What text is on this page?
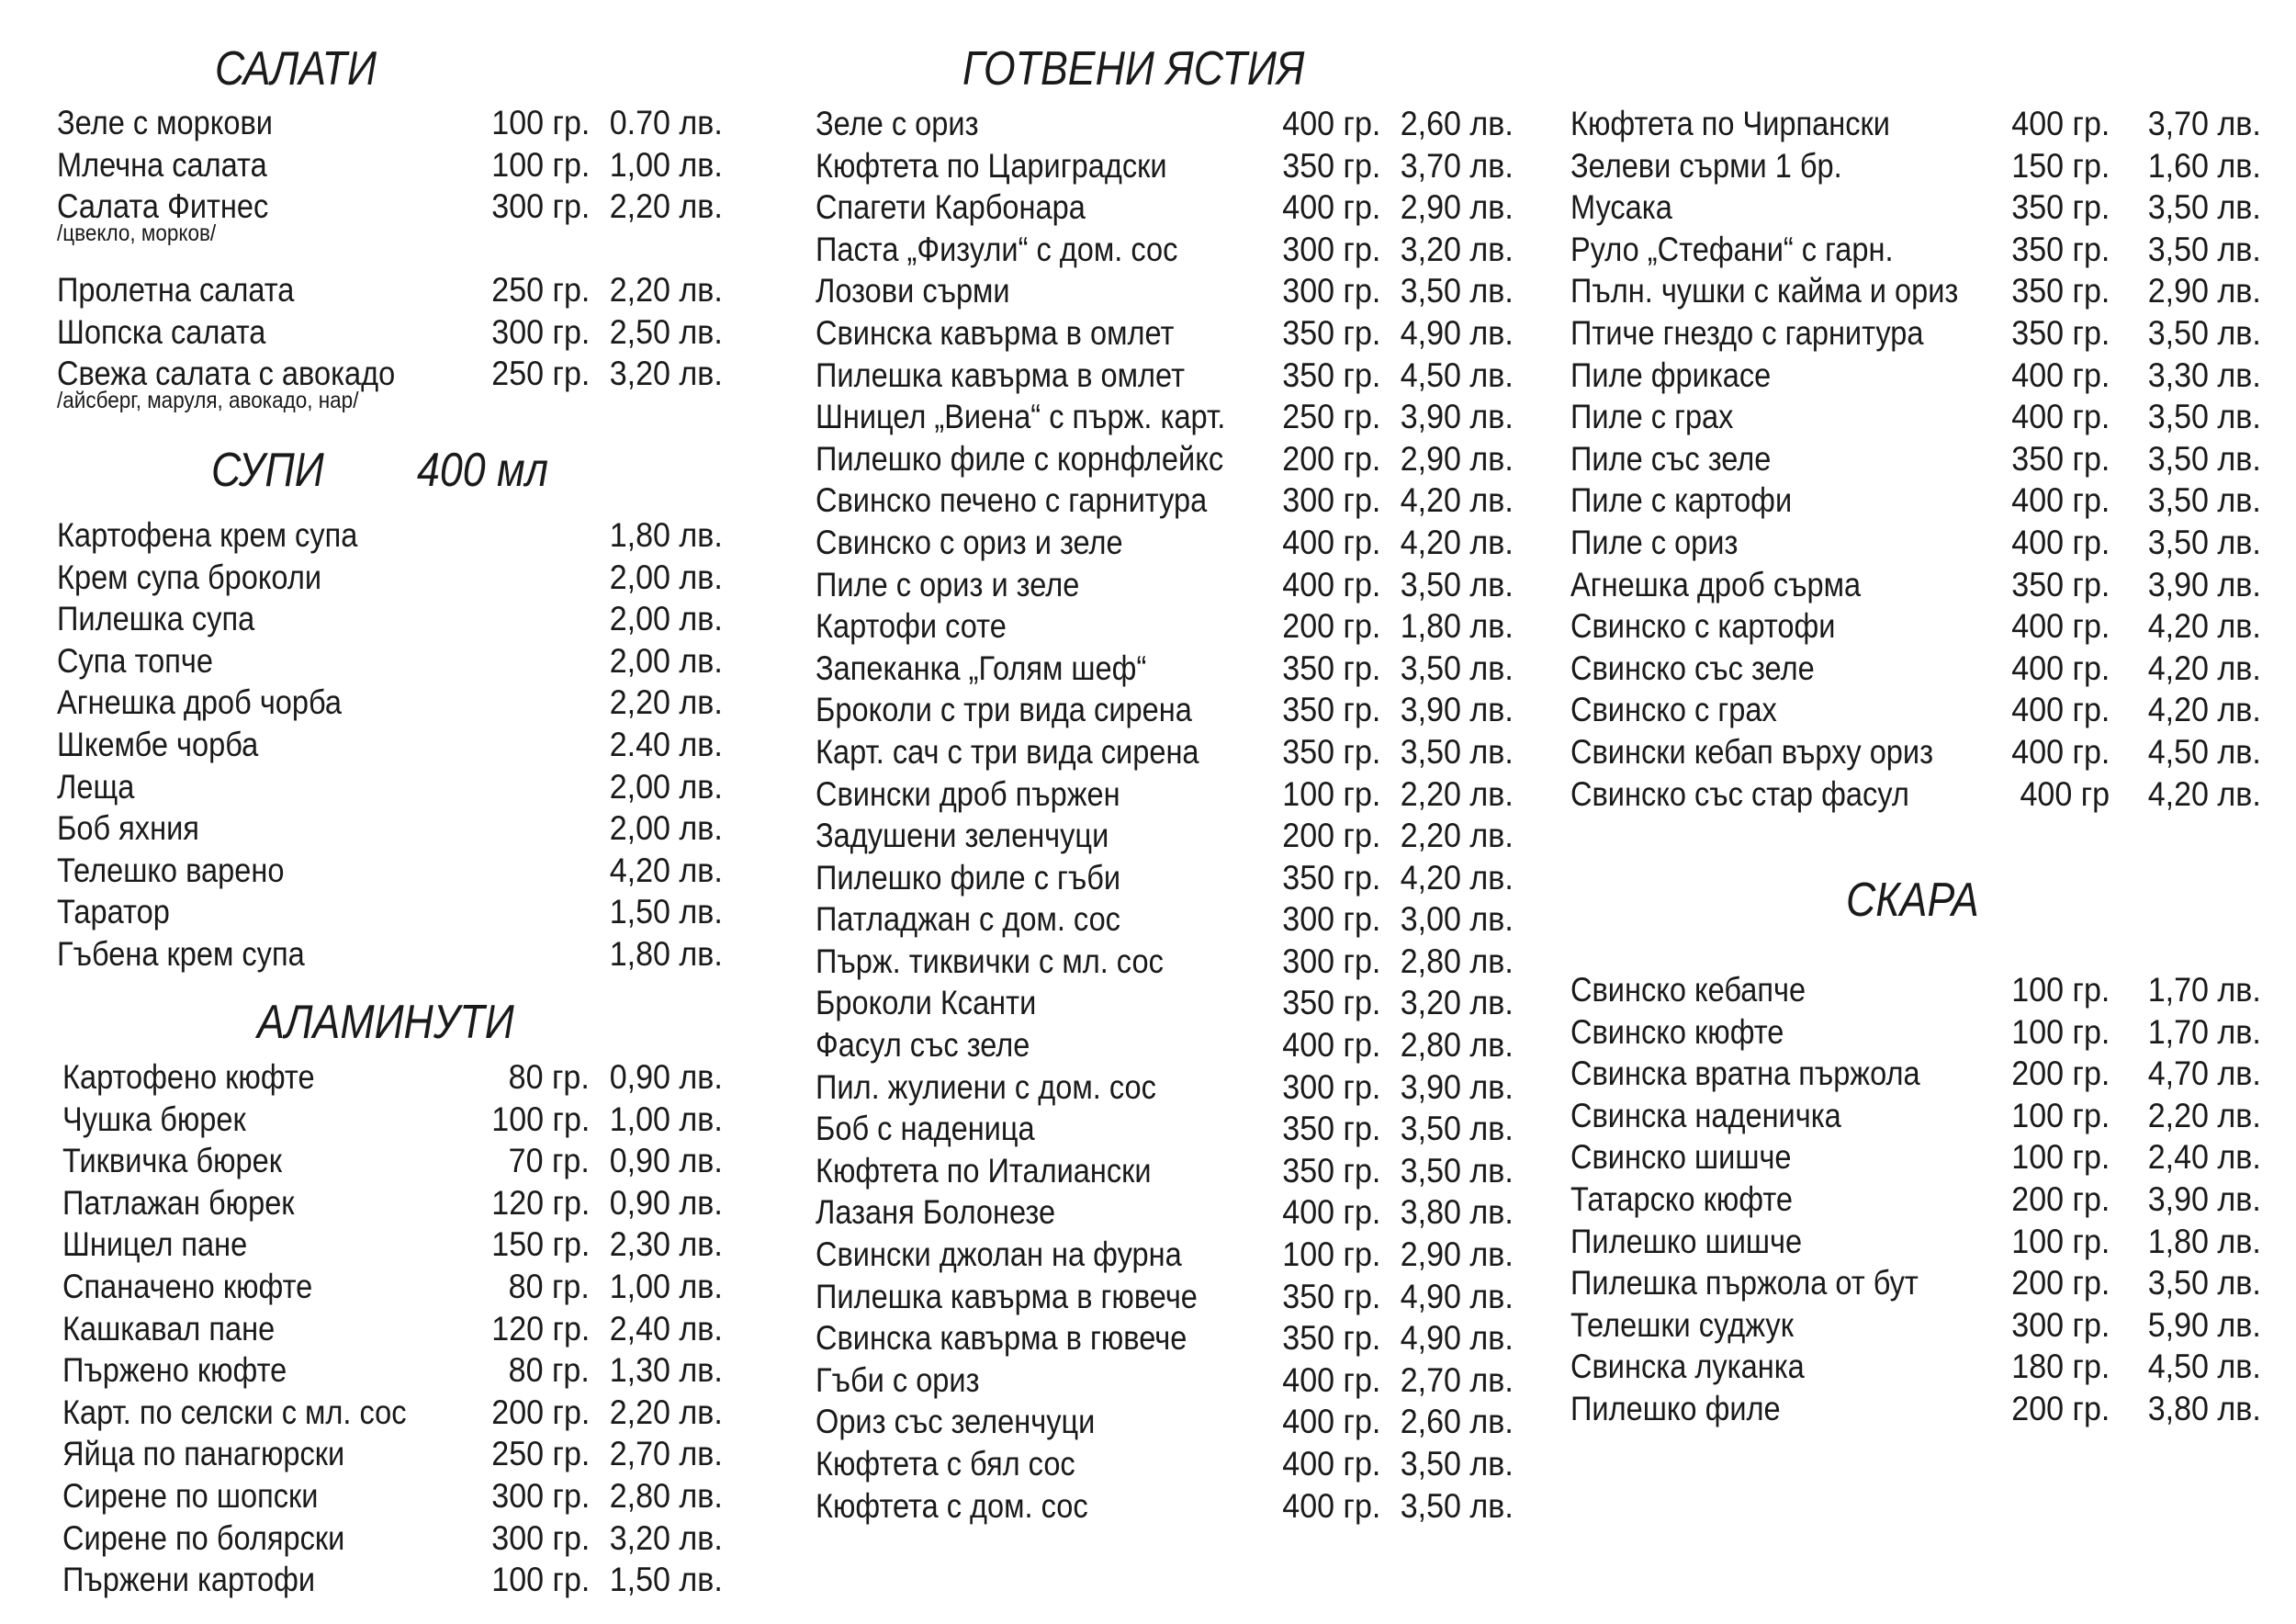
САЛАТИ
Зеле с моркови	100 гр. 0.70 лв.
Млечна салата	100 гр. 1,00 лв.
Салата Фитнес	300 гр. 2,20 лв.
/цвекло, морков/
Пролетна салата	250 гр. 2,20 лв.
Шопска салата	300 гр. 2,50 лв.
Свежа салата с авокадо	250 гр. 3,20 лв.
/айсберг, маруля, авокадо, нар/
СУПИ 400 мл
Картофена крем супа	1,80 лв.
Крем супа броколи	2,00 лв.
Пилешка супа	2,00 лв.
Супа топче	2,00 лв.
Агнешка дроб чорба	2,20 лв.
Шкембе чорба	2.40 лв.
Леща	2,00 лв.
Боб яхния	2,00 лв.
Телешко варено	4,20 лв.
Таратор	1,50 лв.
Гъбена крем супа	1,80 лв.
АЛАМИНУТИ
Картофено кюфте	80 гр. 0,90 лв.
Чушка бюрек	100 гр. 1,00 лв.
Тиквичка бюрек	70 гр. 0,90 лв.
Патлажан бюрек	120 гр. 0,90 лв.
Шницел пане	150 гр. 2,30 лв.
Спаначено кюфте	80 гр. 1,00 лв.
Кашкавал пане	120 гр. 2,40 лв.
Пържено кюфте	80 гр. 1,30 лв.
Карт. по селски с мл. сос 200 гр. 2,20 лв.
Яйца по панагюрски	250 гр. 2,70 лв.
Сирене по шопски	300 гр. 2,80 лв.
Сирене по болярски	300 гр. 3,20 лв.
Пържени картофи	100 гр. 1,50 лв.
ГОТВЕНИ ЯСТИЯ
Зеле с ориз	400 гр. 2,60 лв.
Кюфтета по Цариградски	350 гр. 3,70 лв.
Спагети Карбонара	400 гр. 2,90 лв.
Паста „Физули“ с дом. сос	300 гр. 3,20 лв.
Лозови сърми	300 гр. 3,50 лв.
Свинска кавърма в омлет	350 гр. 4,90 лв.
Пилешка кавърма в омлет	350 гр. 4,50 лв.
Шницел „Виена“ с пърж. карт. 250 гр. 3,90 лв.
Пилешко филе с корнфлейкс 200 гр. 2,90 лв.
Свинско печено с гарнитура 300 гр. 4,20 лв.
Свинско с ориз и зеле	400 гр. 4,20 лв.
Пиле с ориз и зеле	400 гр. 3,50 лв.
Картофи соте	200 гр. 1,80 лв.
Запеканка „Голям шеф“	350 гр. 3,50 лв.
Броколи с три вида сирена	350 гр. 3,90 лв.
Карт. сач с три вида сирена 350 гр. 3,50 лв.
Свински дроб пържен	100 гр. 2,20 лв.
Задушени зеленчуци	200 гр. 2,20 лв.
Пилешко филе с гъби	350 гр. 4,20 лв.
Патладжан с дом. сос	300 гр. 3,00 лв.
Пърж. тиквички с мл. сос	300 гр. 2,80 лв.
Броколи Ксанти	350 гр. 3,20 лв.
Фасул със зеле	400 гр. 2,80 лв.
Пил. жулиени с дом. сос	300 гр. 3,90 лв.
Боб с наденица	350 гр. 3,50 лв.
Кюфтета по Италиански	350 гр. 3,50 лв.
Лазаня Болонезе	400 гр. 3,80 лв.
Свински джолан на фурна	100 гр. 2,90 лв.
Пилешка кавърма в гювече 350 гр. 4,90 лв.
Свинска кавърма в гювече	350 гр. 4,90 лв.
Гъби с ориз	400 гр. 2,70 лв.
Ориз със зеленчуци	400 гр. 2,60 лв.
Кюфтета с бял сос	400 гр. 3,50 лв.
Кюфтета с дом. сос	400 гр. 3,50 лв.
Кюфтета по Чирпански	400 гр. 3,70 лв.
Зелеви сърми 1 бр.	150 гр. 1,60 лв.
Мусака	350 гр. 3,50 лв.
Руло „Стефани“ с гарн.	350 гр. 3,50 лв.
Пълн. чушки с кайма и ориз 350 гр. 2,90 лв.
Птиче гнездо с гарнитура	350 гр. 3,50 лв.
Пиле фрикасе	400 гр. 3,30 лв.
Пиле с грах	400 гр. 3,50 лв.
Пиле със зеле	350 гр. 3,50 лв.
Пиле с картофи	400 гр. 3,50 лв.
Пиле с ориз	400 гр. 3,50 лв.
Агнешка дроб сърма	350 гр. 3,90 лв.
Свинско с картофи	400 гр. 4,20 лв.
Свинско със зеле	400 гр. 4,20 лв.
Свинско с грах	400 гр. 4,20 лв.
Свински кебап върху ориз 400 гр. 4,50 лв.
Свинско със стар фасул	400 гр 4,20 лв.
СКАРА
Свинско кебапче	100 гр. 1,70 лв.
Свинско кюфте	100 гр. 1,70 лв.
Свинска вратна пържола	200 гр. 4,70 лв.
Свинска наденичка	100 гр. 2,20 лв.
Свинско шишче	100 гр. 2,40 лв.
Татарско кюфте	200 гр. 3,90 лв.
Пилешко шишче	100 гр. 1,80 лв.
Пилешка пържола от бут	200 гр. 3,50 лв.
Телешки суджук	300 гр. 5,90 лв.
Свинска луканка	180 гр. 4,50 лв.
Пилешко филе	200 гр. 3,80 лв.
